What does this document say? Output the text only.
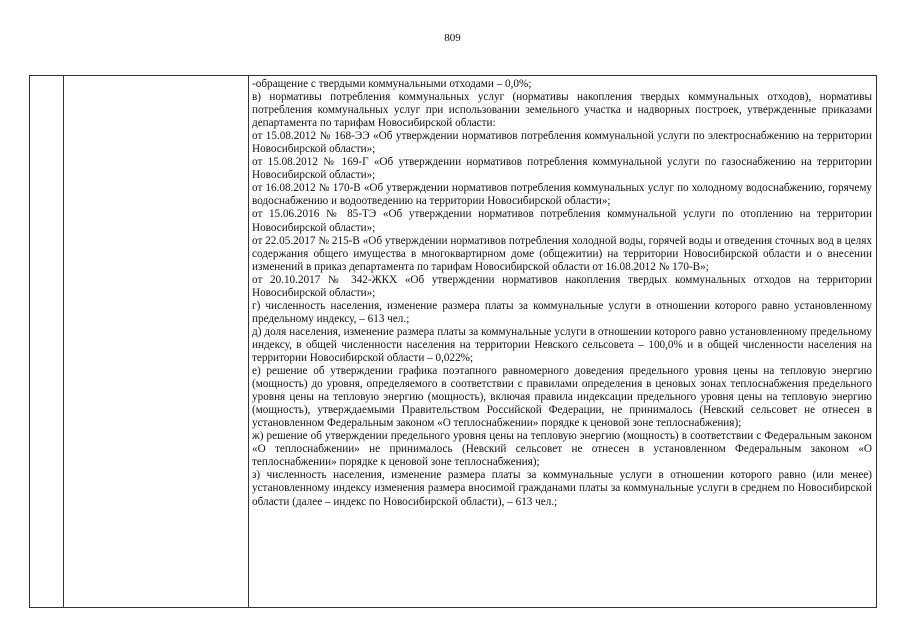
809

-обращение с твердыми коммунальными отходами – 0,0%;

в) нормативы потребления коммунальных услуг (нормативы накопления твердых коммунальных отходов), нормативы потребления коммунальных услуг при использовании земельного участка и надворных построек, утвержденные приказами департамента по тарифам Новосибирской области:

от 15.08.2012 № 168-ЭЭ «Об утверждении нормативов потребления коммунальной услуги по электроснабжению на территории Новосибирской области»;

от 15.08.2012 № 169-Г «Об утверждении нормативов потребления коммунальной услуги по газоснабжению на территории Новосибирской области»;

от 16.08.2012 № 170-В «Об утверждении нормативов потребления коммунальных услуг по холодному водоснабжению, горячему водоснабжению и водоотведению на территории Новосибирской области»;

от 15.06.2016 № 85-ТЭ «Об утверждении нормативов потребления коммунальной услуги по отоплению на территории Новосибирской области»;

от 22.05.2017 № 215-В «Об утверждении нормативов потребления холодной воды, горячей воды и отведения сточных вод в целях содержания общего имущества в многоквартирном доме (общежитии) на территории Новосибирской области и о внесении изменений в приказ департамента по тарифам Новосибирской области от 16.08.2012 № 170-В»;

от 20.10.2017 № 342-ЖКХ «Об утверждении нормативов накопления твердых коммунальных отходов на территории Новосибирской области»;

г) численность населения, изменение размера платы за коммунальные услуги в отношении которого равно установленному предельному индексу, – 613 чел.;

д) доля населения, изменение размера платы за коммунальные услуги в отношении которого равно установленному предельному индексу, в общей численности населения на территории Невского сельсовета – 100,0% и в общей численности населения на территории Новосибирской области – 0,022%;

е) решение об утверждении графика поэтапного равномерного доведения предельного уровня цены на тепловую энергию (мощность) до уровня, определяемого в соответствии с правилами определения в ценовых зонах теплоснабжения предельного уровня цены на тепловую энергию (мощность), включая правила индексации предельного уровня цены на тепловую энергию (мощность), утверждаемыми Правительством Российской Федерации, не принималось (Невский сельсовет не отнесен в установленном Федеральным законом «О теплоснабжении» порядке к ценовой зоне теплоснабжения);

ж) решение об утверждении предельного уровня цены на тепловую энергию (мощность) в соответствии с Федеральным законом «О теплоснабжении» не принималось (Невский сельсовет не отнесен в установленном Федеральным законом «О теплоснабжении» порядке к ценовой зоне теплоснабжения);

з) численность населения, изменение размера платы за коммунальные услуги в отношении которого равно (или менее) установленному индексу изменения размера вносимой гражданами платы за коммунальные услуги в среднем по Новосибирской области (далее – индекс по Новосибирской области), – 613 чел.;
